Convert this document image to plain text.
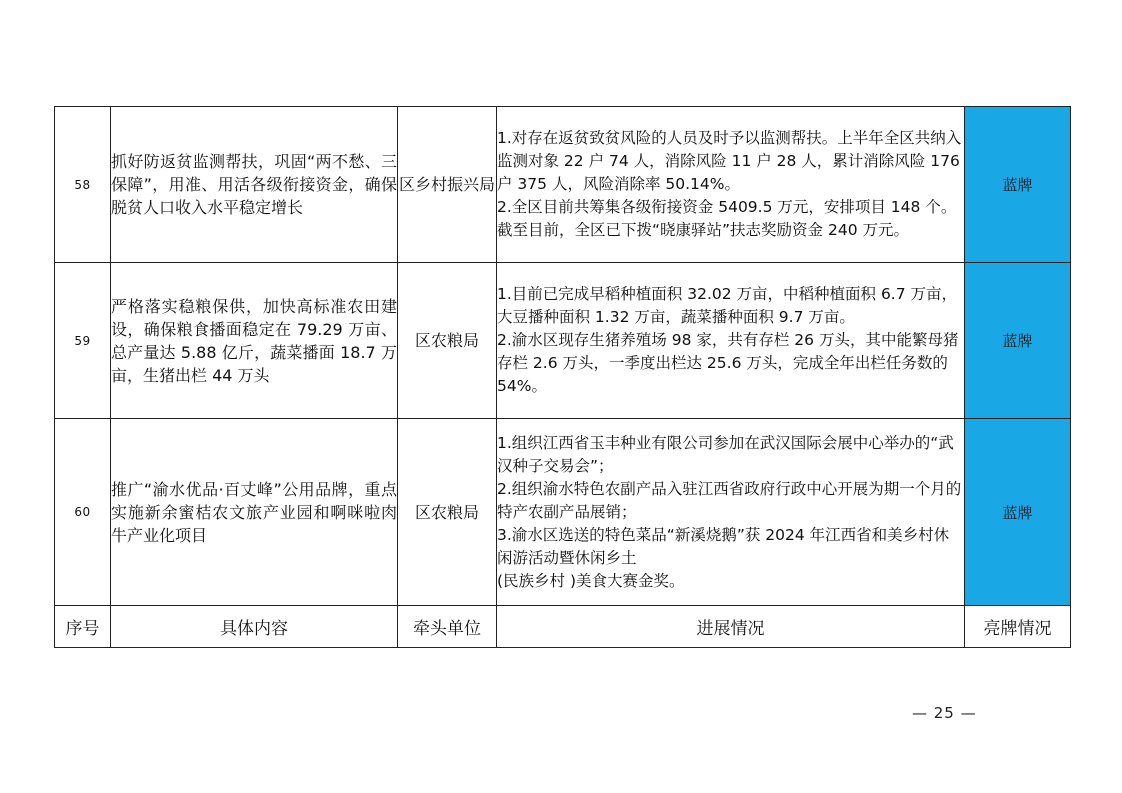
58	抓好防返贫监测帮扶，巩固“两不愁、三保障”，用准、用活各级衔接资金，确保脱贫人口收入水平稳定增长	区乡村振兴局	1.对存在返贫致贫风险的人员及时予以监测帮扶。上半年全区共纳入监测对象 22 户 74 人，消除风险 11 户 28 人，累计消除风险 176 户 375 人，风险消除率 50.14%。

2.全区目前共筹集各级衔接资金 5409.5 万元，安排项目 148 个。截至目前，全区已下拨“晓康驿站”扶志奖励资金 240 万元。	蓝牌
59	严格落实稳粮保供，加快高标准农田建设，确保粮食播面稳定在 79.29 万亩、总产量达 5.88 亿斤，蔬菜播面 18.7 万亩，生猪出栏 44 万头	区农粮局	1.目前已完成早稻种植面积 32.02 万亩，中稻种植面积 6.7 万亩，大豆播种面积 1.32 万亩，蔬菜播种面积 9.7 万亩。

2.渝水区现存生猪养殖场 98 家，共有存栏 26 万头，其中能繁母猪存栏 2.6 万头，一季度出栏达 25.6 万头，完成全年出栏任务数的 54%。	蓝牌
60	推广“渝水优品·百丈峰”公用品牌，重点实施新余蜜桔农文旅产业园和啊咪啦肉牛产业化项目	区农粮局	1.组织江西省玉丰种业有限公司参加在武汉国际会展中心举办的“武汉种子交易会”；

2.组织渝水特色农副产品入驻江西省政府行政中心开展为期一个月的特产农副产品展销；

3.渝水区选送的特色菜品“新溪烧鹅”获 2024 年江西省和美乡村休闲游活动暨休闲乡土

(民族乡村 )美食大赛金奖。	蓝牌
序号	具体内容	牵头单位	进展情况	亮牌情况
— 25 —
